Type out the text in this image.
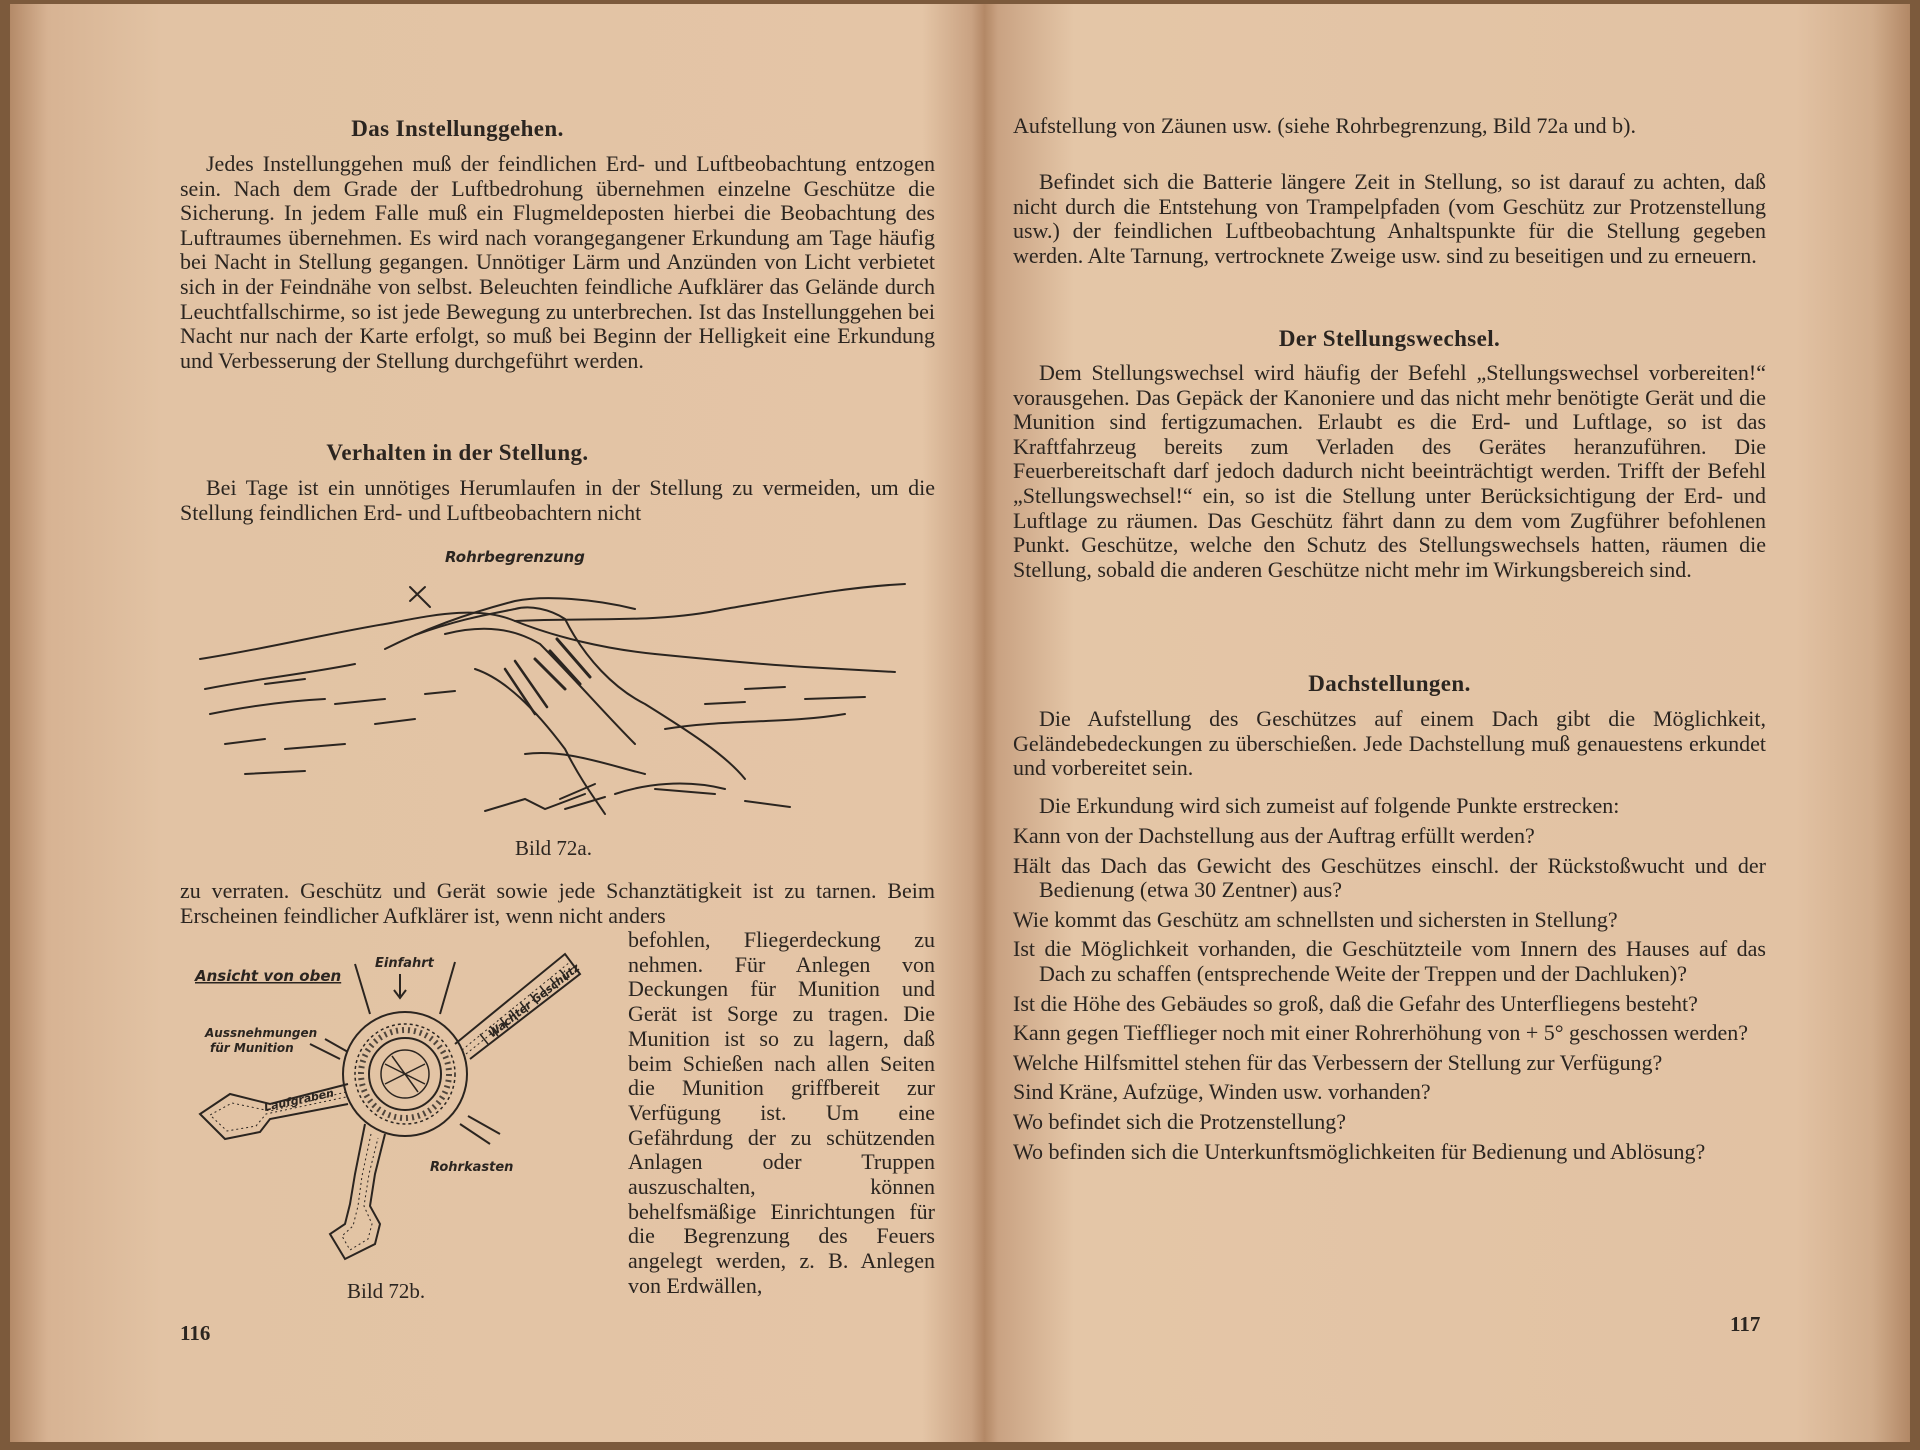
Das Instellunggehen.

Jedes Instellunggehen muß der feindlichen Erd- und Luftbeobachtung entzogen sein. Nach dem Grade der Luftbedrohung übernehmen einzelne Geschütze die Sicherung. In jedem Falle muß ein Flugmeldeposten hierbei die Beobachtung des Luftraumes übernehmen. Es wird nach vorangegangener Erkundung am Tage häufig bei Nacht in Stellung gegangen. Unnötiger Lärm und Anzünden von Licht verbietet sich in der Feindnähe von selbst. Beleuchten feindliche Aufklärer das Gelände durch Leuchtfallschirme, so ist jede Bewegung zu unterbrechen. Ist das Instellunggehen bei Nacht nur nach der Karte erfolgt, so muß bei Beginn der Helligkeit eine Erkundung und Verbesserung der Stellung durchgeführt werden.

Verhalten in der Stellung.

Bei Tage ist ein unnötiges Herumlaufen in der Stellung zu vermeiden, um die Stellung feindlichen Erd- und Luftbeobachtern nicht

Rohrbegrenzung

Bild 72a.

zu verraten. Geschütz und Gerät sowie jede Schanztätigkeit ist zu tarnen. Beim Erscheinen feindlicher Aufklärer ist, wenn nicht anders

Ansicht von oben
Einfahrt
Aussnehmungen
für Munition
Laufgraben
Rohrkasten
Wachter Geschütz

Bild 72b.

befohlen, Fliegerdeckung zu nehmen. Für Anlegen von Deckungen für Munition und Gerät ist Sorge zu tragen. Die Munition ist so zu lagern, daß beim Schießen nach allen Seiten die Munition griffbereit zur Verfügung ist. Um eine Gefährdung der zu schützenden Anlagen oder Truppen auszuschalten, können behelfsmäßige Einrichtungen für die Begrenzung des Feuers angelegt werden, z. B. Anlegen von Erdwällen,

116

Aufstellung von Zäunen usw. (siehe Rohrbegrenzung, Bild 72a und b).

Befindet sich die Batterie längere Zeit in Stellung, so ist darauf zu achten, daß nicht durch die Entstehung von Trampelpfaden (vom Geschütz zur Protzenstellung usw.) der feindlichen Luftbeobachtung Anhaltspunkte für die Stellung gegeben werden. Alte Tarnung, vertrocknete Zweige usw. sind zu beseitigen und zu erneuern.

Der Stellungswechsel.

Dem Stellungswechsel wird häufig der Befehl „Stellungswechsel vorbereiten!“ vorausgehen. Das Gepäck der Kanoniere und das nicht mehr benötigte Gerät und die Munition sind fertigzumachen. Erlaubt es die Erd- und Luftlage, so ist das Kraftfahrzeug bereits zum Verladen des Gerätes heranzuführen. Die Feuerbereitschaft darf jedoch dadurch nicht beeinträchtigt werden. Trifft der Befehl „Stellungswechsel!“ ein, so ist die Stellung unter Berücksichtigung der Erd- und Luftlage zu räumen. Das Geschütz fährt dann zu dem vom Zugführer befohlenen Punkt. Geschütze, welche den Schutz des Stellungswechsels hatten, räumen die Stellung, sobald die anderen Geschütze nicht mehr im Wirkungsbereich sind.

Dachstellungen.

Die Aufstellung des Geschützes auf einem Dach gibt die Möglichkeit, Geländebedeckungen zu überschießen. Jede Dachstellung muß genauestens erkundet und vorbereitet sein.

Die Erkundung wird sich zumeist auf folgende Punkte erstrecken:

Kann von der Dachstellung aus der Auftrag erfüllt werden?

Hält das Dach das Gewicht des Geschützes einschl. der Rückstoßwucht und der Bedienung (etwa 30 Zentner) aus?

Wie kommt das Geschütz am schnellsten und sichersten in Stellung?

Ist die Möglichkeit vorhanden, die Geschützteile vom Innern des Hauses auf das Dach zu schaffen (entsprechende Weite der Treppen und der Dachluken)?

Ist die Höhe des Gebäudes so groß, daß die Gefahr des Unterfliegens besteht?

Kann gegen Tiefflieger noch mit einer Rohrerhöhung von + 5° geschossen werden?

Welche Hilfsmittel stehen für das Verbessern der Stellung zur Verfügung?

Sind Kräne, Aufzüge, Winden usw. vorhanden?

Wo befindet sich die Protzenstellung?

Wo befinden sich die Unterkunftsmöglichkeiten für Bedienung und Ablösung?

117
